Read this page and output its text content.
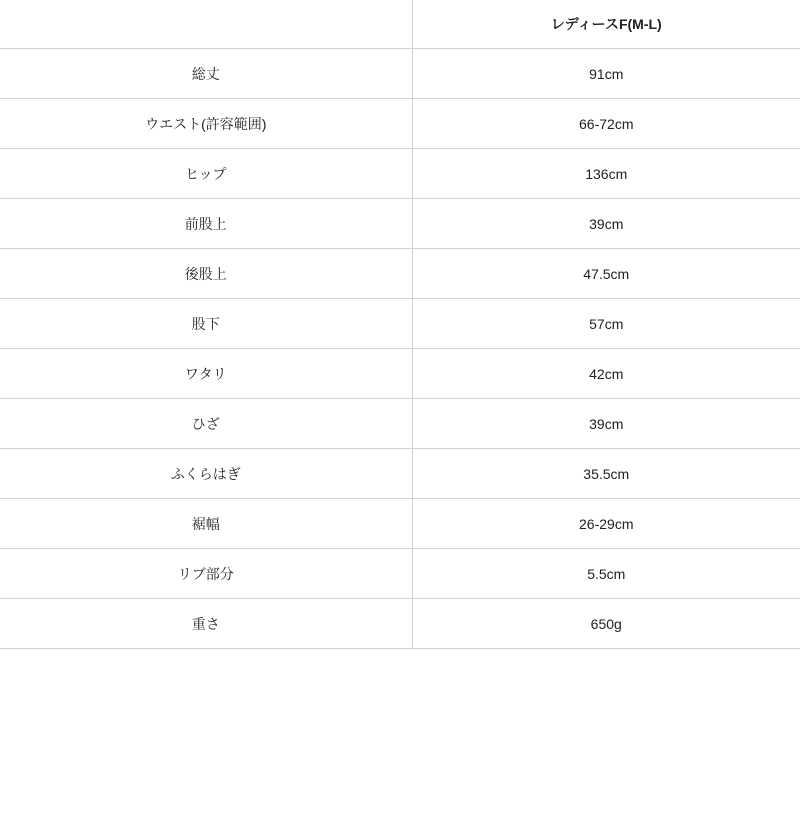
	レディースF(M-L)
総丈	91cm
ウエスト(許容範囲)	66-72cm
ヒップ	136cm
前股上	39cm
後股上	47.5cm
股下	57cm
ワタリ	42cm
ひざ	39cm
ふくらはぎ	35.5cm
裾幅	26-29cm
リブ部分	5.5cm
重さ	650g
